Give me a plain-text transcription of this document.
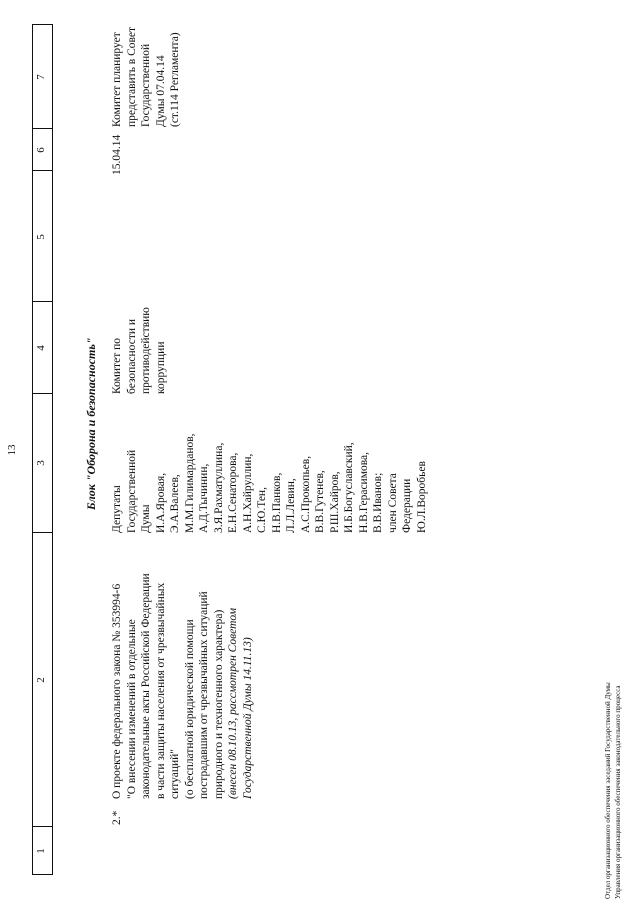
13
1
2
3
4
5
6
7
Блок "Оборона и безопасность"
2.*
О проекте федерального закона № 353994-6 "О внесении изменений в отдельные законодательные акты Российской Федерации в части защиты населения от чрезвычайных ситуаций" (о бесплатной юридической помощи пострадавшим от чрезвычайных ситуаций природного и техногенного характера) (внесен 08.10.13, рассмотрен Советом Государственной Думы 14.11.13)
Депутаты Государственной Думы И.А.Яровая, Э.А.Валеев, М.М.Гилимарданов, А.Д.Тычинин, З.Я.Рахматуллина, Е.Н.Сенаторова, А.Н.Хайруллин, С.Ю.Тен, Н.В.Панков, Л.Л.Левин, А.С.Прокопьев, В.В.Гутенев, Р.Ш.Хайров, И.Б.Богуславский, Н.В.Герасимова, В.В.Иванов; член Совета Федерации Ю.Л.Воробьев
Комитет по безопасности и противодействию коррупции
15.04.14
Комитет планирует представить в Совет Государственной Думы 07.04.14 (ст.114 Регламента)
Отдел организационного обеспечения заседаний Государственной Думы Управления организационного обеспечения законодательного процесса
